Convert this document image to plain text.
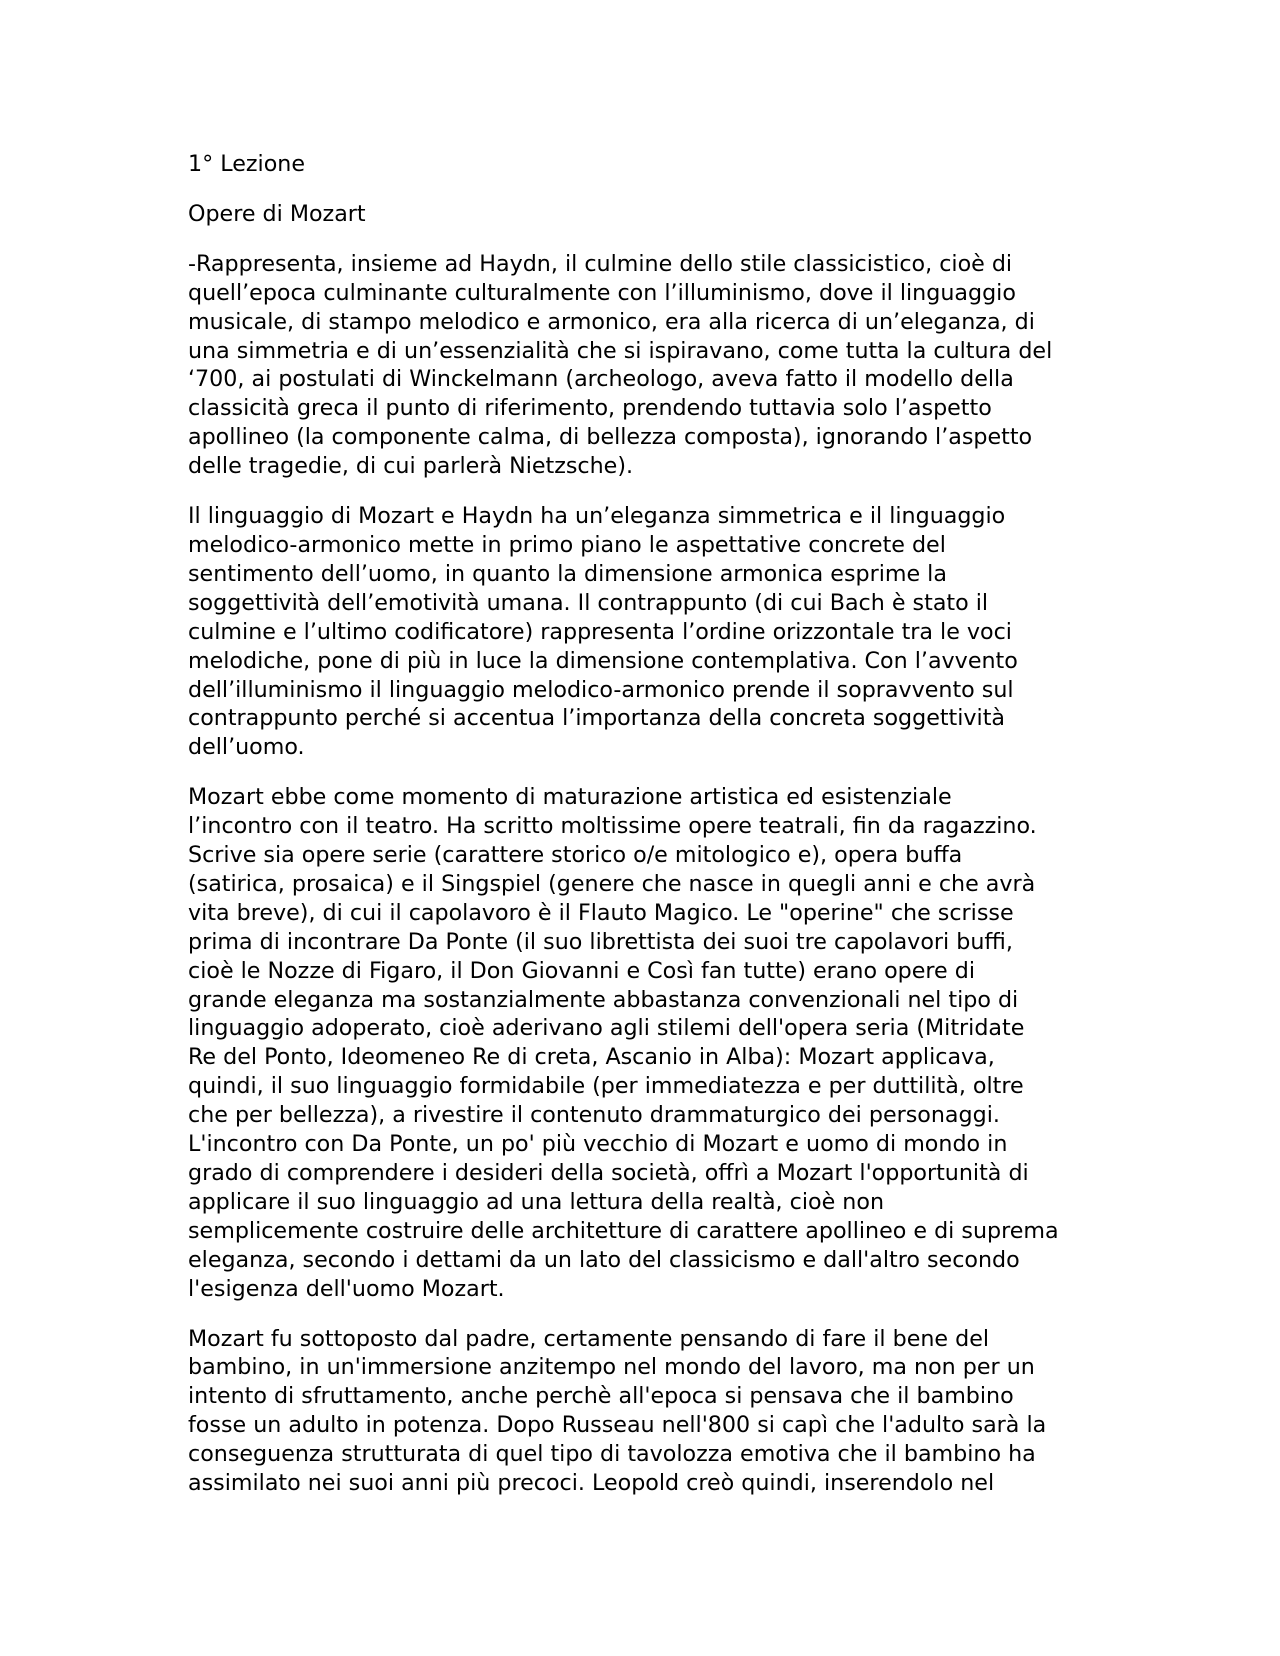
1° Lezione

Opere di Mozart

-Rappresenta, insieme ad Haydn, il culmine dello stile classicistico, cioè di
quell’epoca culminante culturalmente con l’illuminismo, dove il linguaggio
musicale, di stampo melodico e armonico, era alla ricerca di un’eleganza, di
una simmetria e di un’essenzialità che si ispiravano, come tutta la cultura del
‘700, ai postulati di Winckelmann (archeologo, aveva fatto il modello della
classicità greca il punto di riferimento, prendendo tuttavia solo l’aspetto
apollineo (la componente calma, di bellezza composta), ignorando l’aspetto
delle tragedie, di cui parlerà Nietzsche).

Il linguaggio di Mozart e Haydn ha un’eleganza simmetrica e il linguaggio
melodico-armonico mette in primo piano le aspettative concrete del
sentimento dell’uomo, in quanto la dimensione armonica esprime la
soggettività dell’emotività umana. Il contrappunto (di cui Bach è stato il
culmine e l’ultimo codificatore) rappresenta l’ordine orizzontale tra le voci
melodiche, pone di più in luce la dimensione contemplativa. Con l’avvento
dell’illuminismo il linguaggio melodico-armonico prende il sopravvento sul
contrappunto perché si accentua l’importanza della concreta soggettività
dell’uomo.

Mozart ebbe come momento di maturazione artistica ed esistenziale
l’incontro con il teatro. Ha scritto moltissime opere teatrali, fin da ragazzino.
Scrive sia opere serie (carattere storico o/e mitologico e), opera buffa
(satirica, prosaica) e il Singspiel (genere che nasce in quegli anni e che avrà
vita breve), di cui il capolavoro è il Flauto Magico. Le "operine" che scrisse
prima di incontrare Da Ponte (il suo librettista dei suoi tre capolavori buffi,
cioè le Nozze di Figaro, il Don Giovanni e Così fan tutte) erano opere di
grande eleganza ma sostanzialmente abbastanza convenzionali nel tipo di
linguaggio adoperato, cioè aderivano agli stilemi dell'opera seria (Mitridate
Re del Ponto, Ideomeneo Re di creta, Ascanio in Alba): Mozart applicava,
quindi, il suo linguaggio formidabile (per immediatezza e per duttilità, oltre
che per bellezza), a rivestire il contenuto drammaturgico dei personaggi.
L'incontro con Da Ponte, un po' più vecchio di Mozart e uomo di mondo in
grado di comprendere i desideri della società, offrì a Mozart l'opportunità di
applicare il suo linguaggio ad una lettura della realtà, cioè non
semplicemente costruire delle architetture di carattere apollineo e di suprema
eleganza, secondo i dettami da un lato del classicismo e dall'altro secondo
l'esigenza dell'uomo Mozart.

Mozart fu sottoposto dal padre, certamente pensando di fare il bene del
bambino, in un'immersione anzitempo nel mondo del lavoro, ma non per un
intento di sfruttamento, anche perchè all'epoca si pensava che il bambino
fosse un adulto in potenza. Dopo Russeau nell'800 si capì che l'adulto sarà la
conseguenza strutturata di quel tipo di tavolozza emotiva che il bambino ha
assimilato nei suoi anni più precoci. Leopold creò quindi, inserendolo nel
